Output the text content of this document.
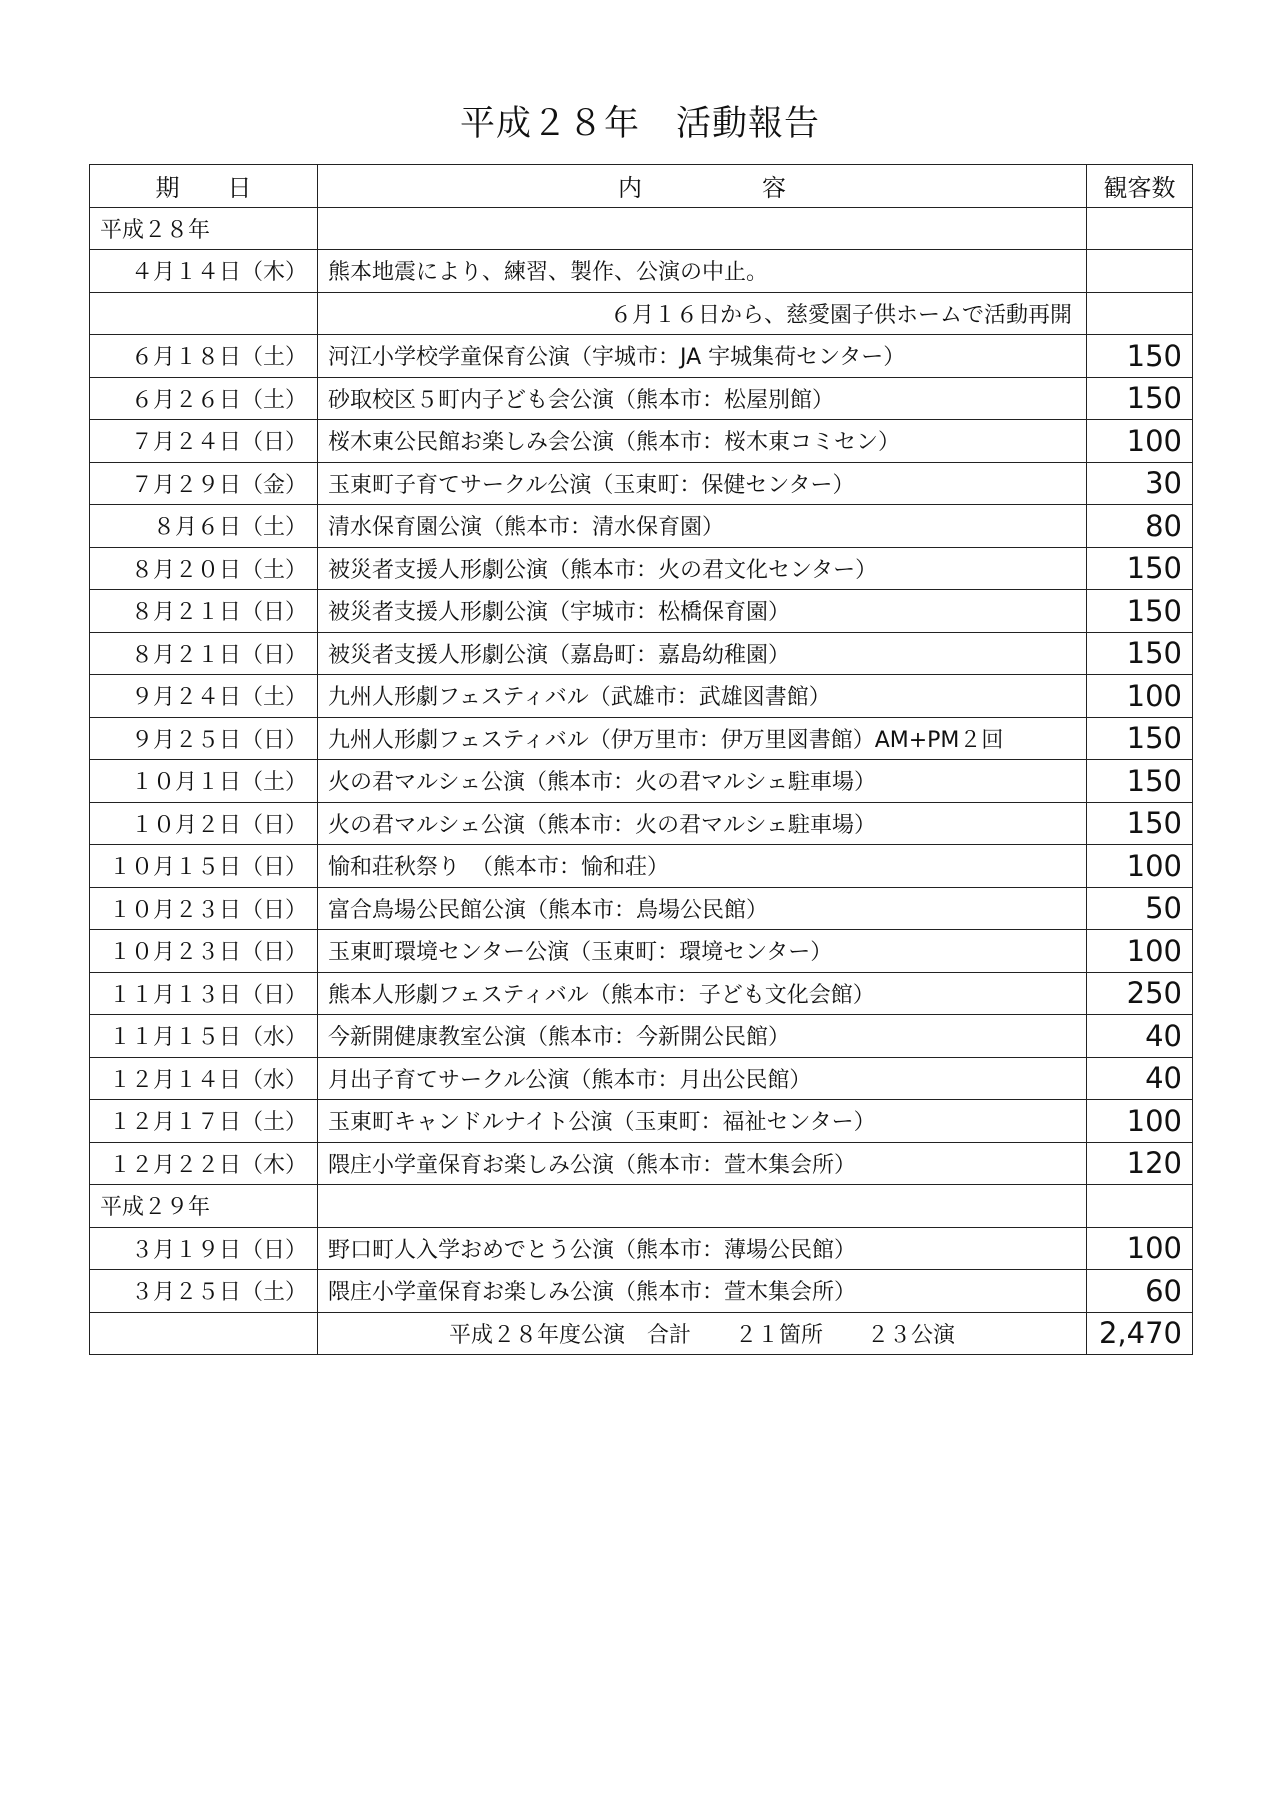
平成２８年　活動報告
期　　日	内　　　　　容	観客数
平成２８年		
４月１４日（木）	熊本地震により、練習、製作、公演の中止。	
	６月１６日から、慈愛園子供ホームで活動再開	
６月１８日（土）	河江小学校学童保育公演（宇城市：JA 宇城集荷センター）	150
６月２６日（土）	砂取校区５町内子ども会公演（熊本市：松屋別館）	150
７月２４日（日）	桜木東公民館お楽しみ会公演（熊本市：桜木東コミセン）	100
７月２９日（金）	玉東町子育てサークル公演（玉東町：保健センター）	30
８月６日（土）	清水保育園公演（熊本市：清水保育園）	80
８月２０日（土）	被災者支援人形劇公演（熊本市：火の君文化センター）	150
８月２１日（日）	被災者支援人形劇公演（宇城市：松橋保育園）	150
８月２１日（日）	被災者支援人形劇公演（嘉島町：嘉島幼稚園）	150
９月２４日（土）	九州人形劇フェスティバル（武雄市：武雄図書館）	100
９月２５日（日）	九州人形劇フェスティバル（伊万里市：伊万里図書館）AM+PM２回	150
１０月１日（土）	火の君マルシェ公演（熊本市：火の君マルシェ駐車場）	150
１０月２日（日）	火の君マルシェ公演（熊本市：火の君マルシェ駐車場）	150
１０月１５日（日）	愉和荘秋祭り　（熊本市：愉和荘）	100
１０月２３日（日）	富合鳥場公民館公演（熊本市：鳥場公民館）	50
１０月２３日（日）	玉東町環境センター公演（玉東町：環境センター）	100
１１月１３日（日）	熊本人形劇フェスティバル（熊本市：子ども文化会館）	250
１１月１５日（水）	今新開健康教室公演（熊本市：今新開公民館）	40
１２月１４日（水）	月出子育てサークル公演（熊本市：月出公民館）	40
１２月１７日（土）	玉東町キャンドルナイト公演（玉東町：福祉センター）	100
１２月２２日（木）	隈庄小学童保育お楽しみ公演（熊本市：萱木集会所）	120
平成２９年		
３月１９日（日）	野口町人入学おめでとう公演（熊本市：薄場公民館）	100
３月２５日（土）	隈庄小学童保育お楽しみ公演（熊本市：萱木集会所）	60
	平成２８年度公演　合計　　２１箇所　　２３公演	2,470
